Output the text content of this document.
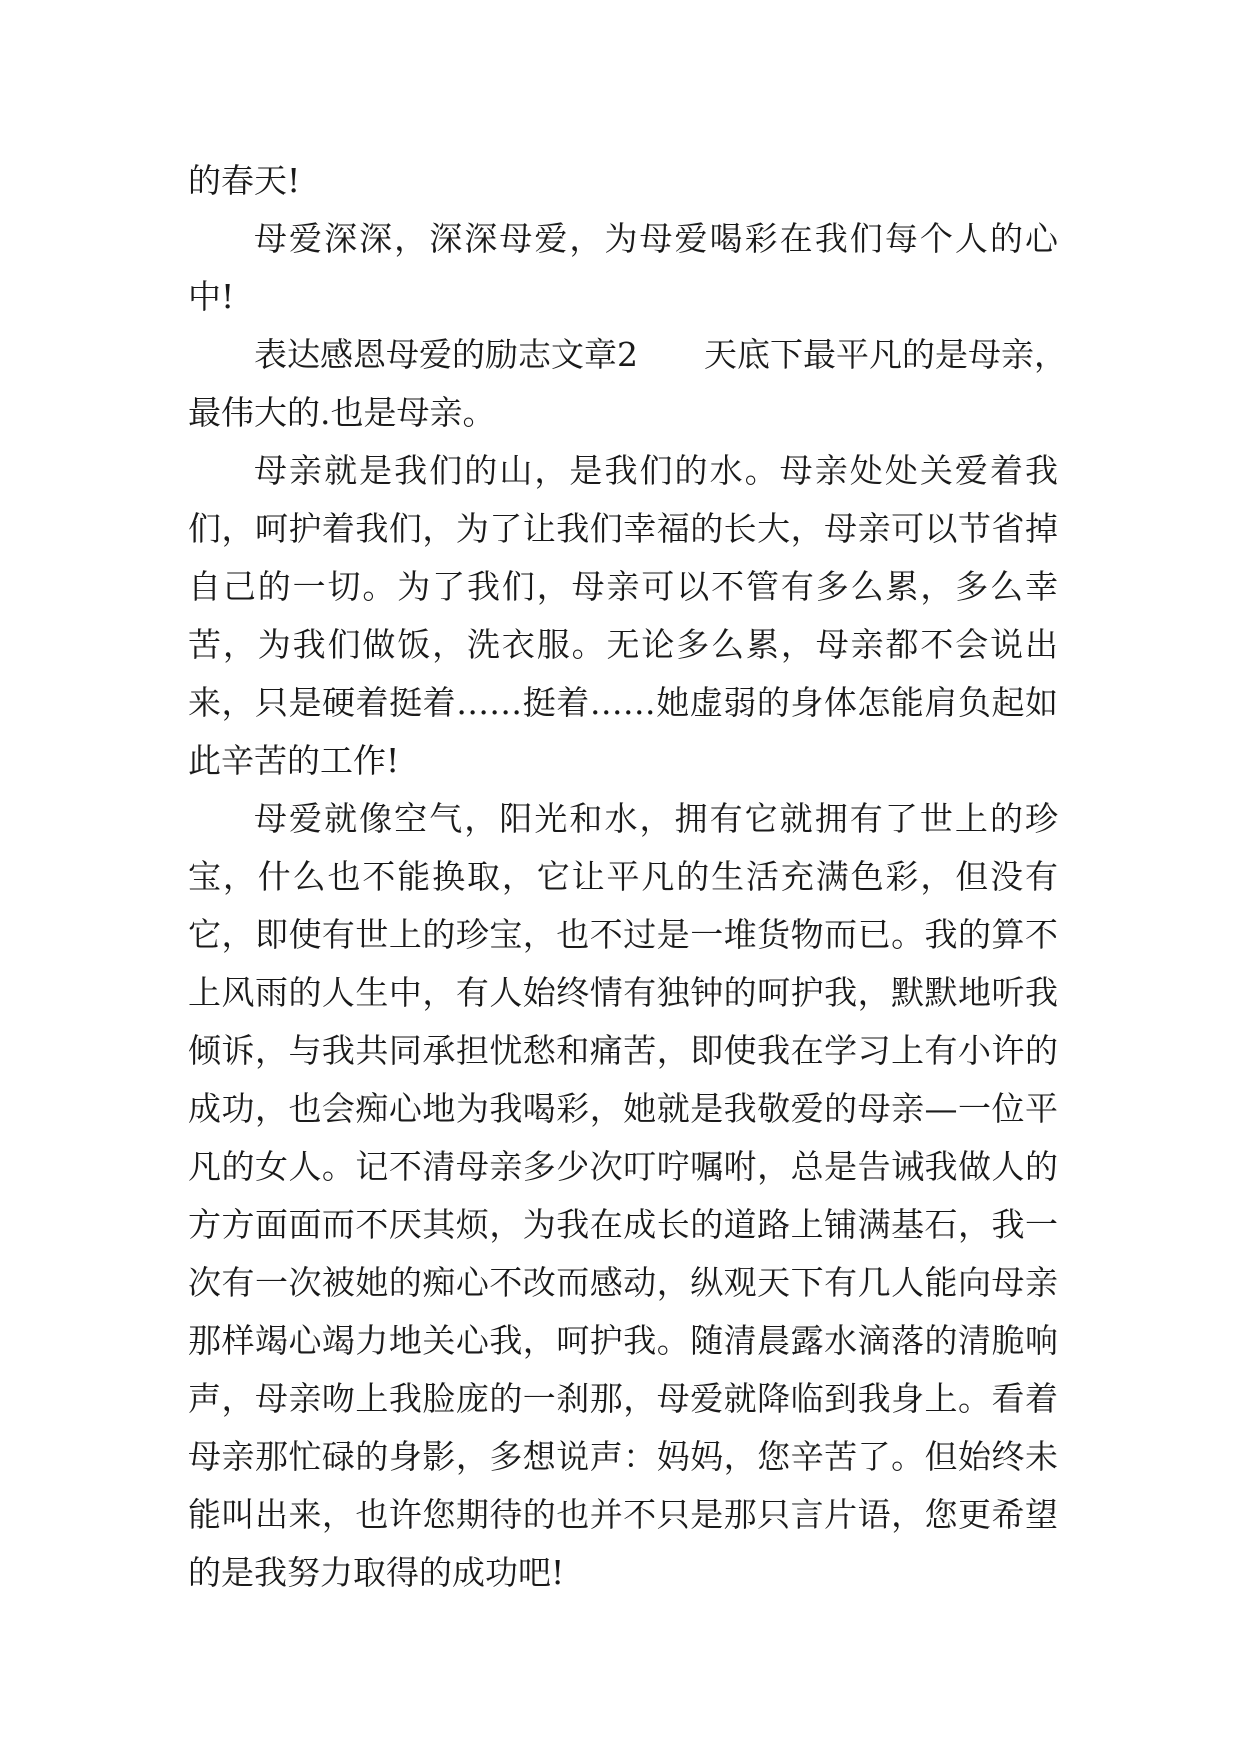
的春天!

母爱深深，深深母爱，为母爱喝彩在我们每个人的心中!

表达感恩母爱的励志文章2 天底下最平凡的是母亲，

最伟大的.也是母亲。

母亲就是我们的山，是我们的水。母亲处处关爱着我们，呵护着我们，为了让我们幸福的长大，母亲可以节省掉自己的一切。为了我们，母亲可以不管有多么累，多么幸苦，为我们做饭，洗衣服。无论多么累，母亲都不会说出来，只是硬着挺着……挺着……她虚弱的身体怎能肩负起如此辛苦的工作!

母爱就像空气，阳光和水，拥有它就拥有了世上的珍宝，什么也不能换取，它让平凡的生活充满色彩，但没有它，即使有世上的珍宝，也不过是一堆货物而已。我的算不上风雨的人生中，有人始终情有独钟的呵护我，默默地听我倾诉，与我共同承担忧愁和痛苦，即使我在学习上有小许的成功，也会痴心地为我喝彩，她就是我敬爱的母亲—一位平凡的女人。记不清母亲多少次叮咛嘱咐，总是告诫我做人的方方面面而不厌其烦，为我在成长的道路上铺满基石，我一次有一次被她的痴心不改而感动，纵观天下有几人能向母亲那样竭心竭力地关心我，呵护我。随清晨露水滴落的清脆响声，母亲吻上我脸庞的一刹那，母爱就降临到我身上。看着母亲那忙碌的身影，多想说声：妈妈，您辛苦了。但始终未能叫出来，也许您期待的也并不只是那只言片语，您更希望的是我努力取得的成功吧!
